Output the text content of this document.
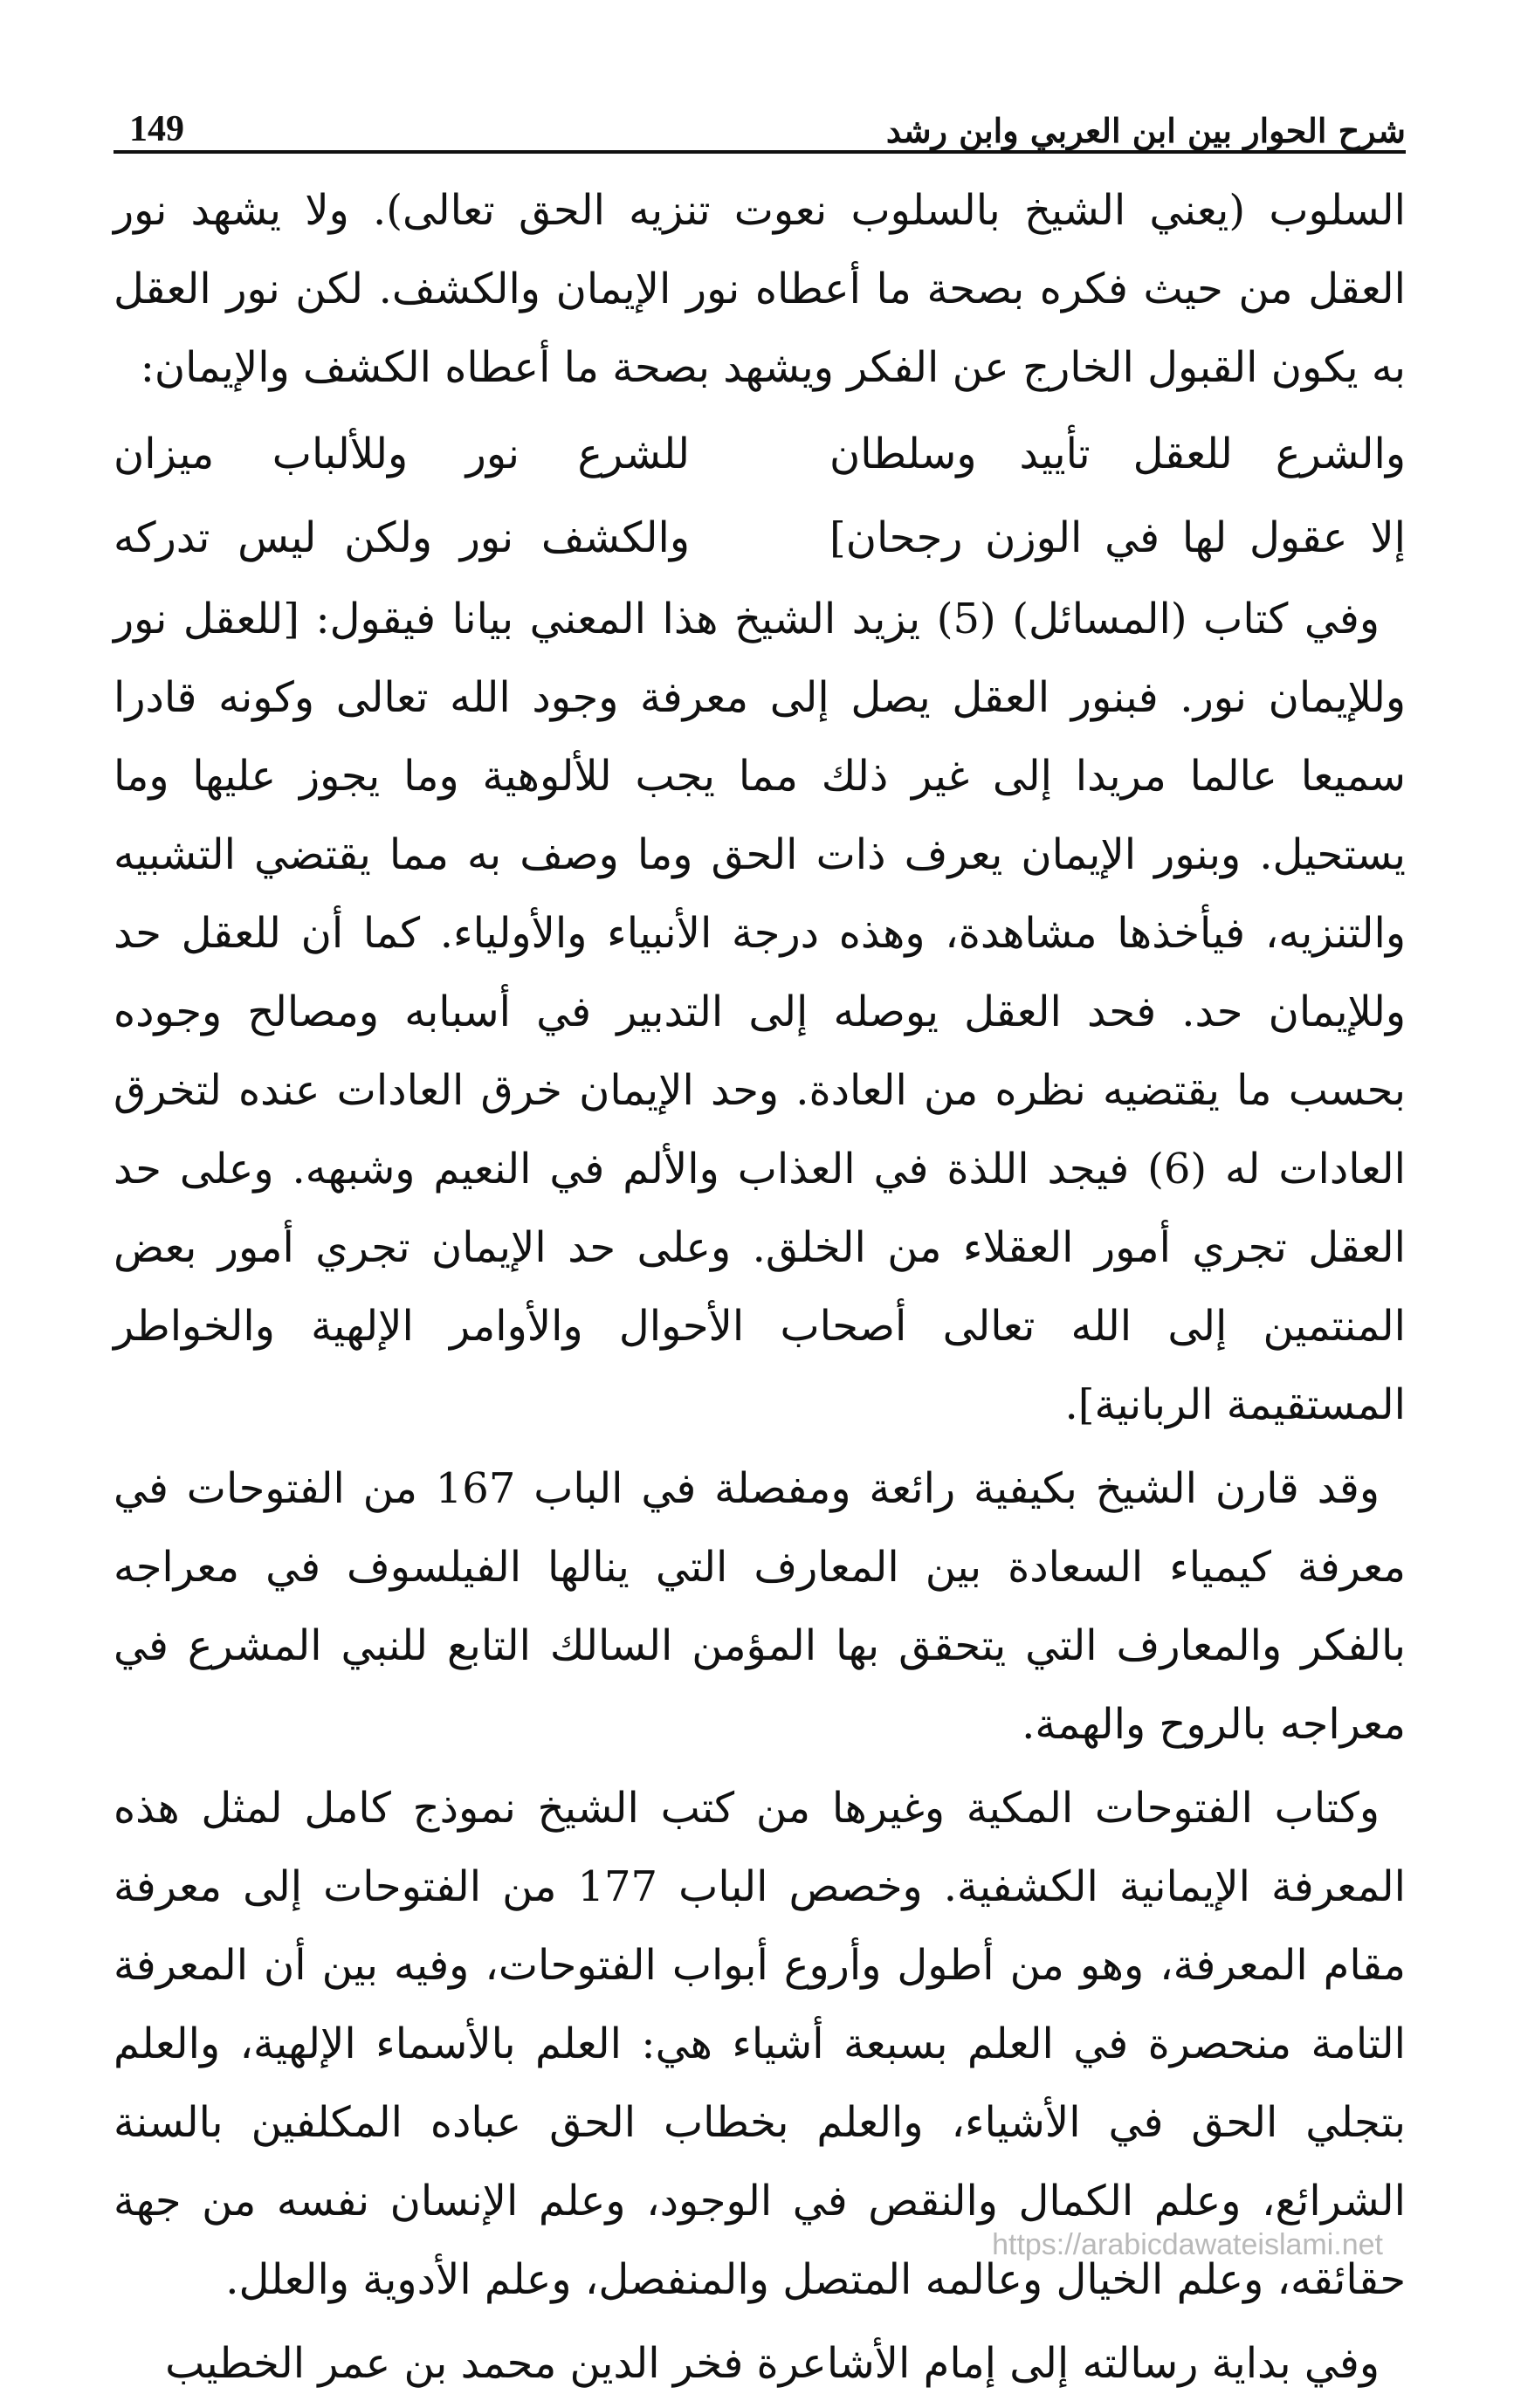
شرح الحوار بين ابن العربي وابن رشد
149

السلوب (يعني الشيخ بالسلوب نعوت تنزيه الحق تعالى). ولا يشهد نور العقل من حيث فكره بصحة ما أعطاه نور الإيمان والكشف. لكن نور العقل به يكون القبول الخارج عن الفكر ويشهد بصحة ما أعطاه الكشف والإيمان:

للشرع نور وللألباب ميزان	والشرع للعقل تأييد وسلطان
والكشف نور ولكن ليس تدركه	إلا عقول لها في الوزن رجحان]

وفي كتاب (المسائل) (5) يزيد الشيخ هذا المعني بيانا فيقول: [للعقل نور وللإيمان نور. فبنور العقل يصل إلى معرفة وجود الله تعالى وكونه قادرا سميعا عالما مريدا إلى غير ذلك مما يجب للألوهية وما يجوز عليها وما يستحيل. وبنور الإيمان يعرف ذات الحق وما وصف به مما يقتضي التشبيه والتنزيه، فيأخذها مشاهدة، وهذه درجة الأنبياء والأولياء. كما أن للعقل حد وللإيمان حد. فحد العقل يوصله إلى التدبير في أسبابه ومصالح وجوده بحسب ما يقتضيه نظره من العادة. وحد الإيمان خرق العادات عنده لتخرق العادات له (6) فيجد اللذة في العذاب والألم في النعيم وشبهه. وعلى حد العقل تجري أمور العقلاء من الخلق. وعلى حد الإيمان تجري أمور بعض المنتمين إلى الله تعالى أصحاب الأحوال والأوامر الإلهية والخواطر المستقيمة الربانية].

وقد قارن الشيخ بكيفية رائعة ومفصلة في الباب 167 من الفتوحات في معرفة كيمياء السعادة بين المعارف التي ينالها الفيلسوف في معراجه بالفكر والمعارف التي يتحقق بها المؤمن السالك التابع للنبي المشرع في معراجه بالروح والهمة.

وكتاب الفتوحات المكية وغيرها من كتب الشيخ نموذج كامل لمثل هذه المعرفة الإيمانية الكشفية. وخصص الباب 177 من الفتوحات إلى معرفة مقام المعرفة، وهو من أطول وأروع أبواب الفتوحات، وفيه بين أن المعرفة التامة منحصرة في العلم بسبعة أشياء هي: العلم بالأسماء الإلهية، والعلم بتجلي الحق في الأشياء، والعلم بخطاب الحق عباده المكلفين بالسنة الشرائع، وعلم الكمال والنقص في الوجود، وعلم الإنسان نفسه من جهة حقائقه، وعلم الخيال وعالمه المتصل والمنفصل، وعلم الأدوية والعلل.

وفي بداية رسالته إلى إمام الأشاعرة فخر الدين محمد بن عمر الخطيب

https://arabicdawateislami.net
